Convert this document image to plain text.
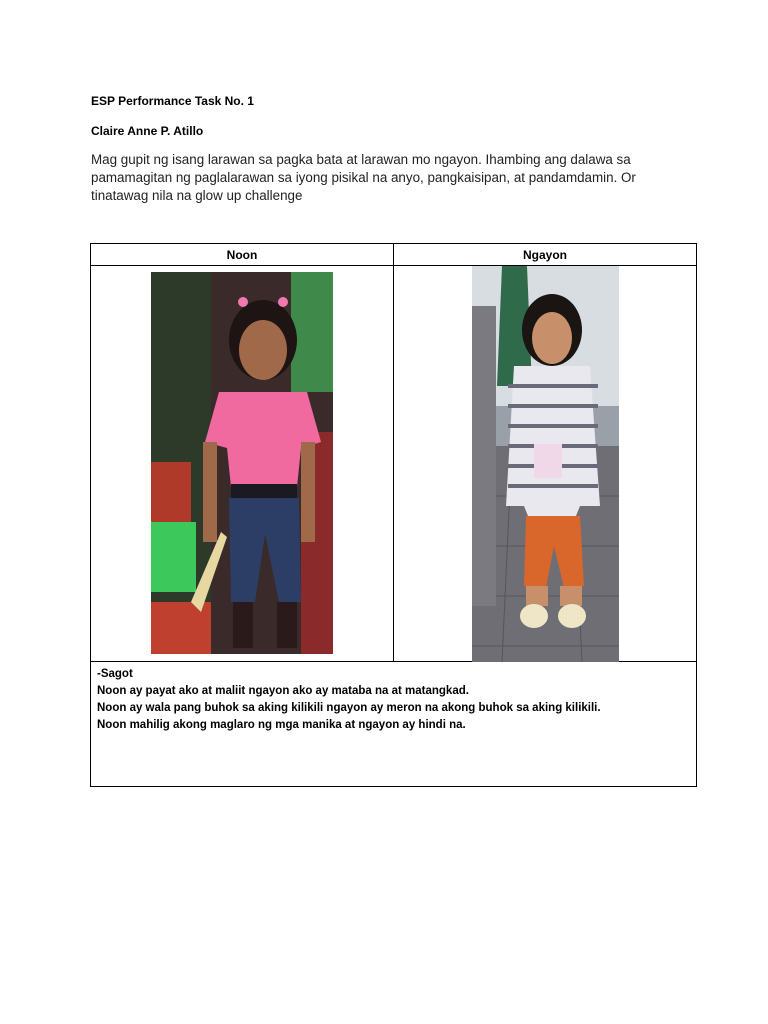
ESP Performance Task No. 1
Claire Anne P. Atillo
Mag gupit ng isang larawan sa pagka bata at larawan mo ngayon. Ihambing ang dalawa sa pamamagitan ng paglalarawan sa iyong pisikal na anyo, pangkaisipan, at pandamdamin. Or tinatawag nila na glow up challenge
Noon	Ngayon

-Sagot
Noon ay payat ako at maliit ngayon ako ay mataba na at matangkad.
Noon ay wala pang buhok sa aking kilikili ngayon ay meron na akong buhok sa aking kilikili.
Noon mahilig akong maglaro ng mga manika at ngayon ay hindi na.	
